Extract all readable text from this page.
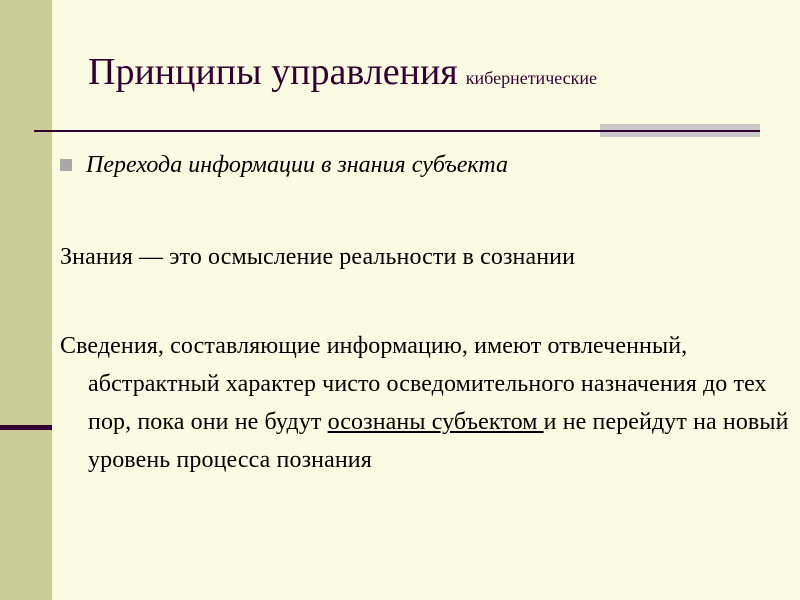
Принципы управления кибернетические
Перехода информации в знания субъекта
Знания — это осмысление реальности в сознании
Сведения, составляющие информацию, имеют отвлеченный, абстрактный характер чисто осведомительного назначения до тех пор, пока они не будут осознаны субъектом и не перейдут на новый уровень процесса познания
